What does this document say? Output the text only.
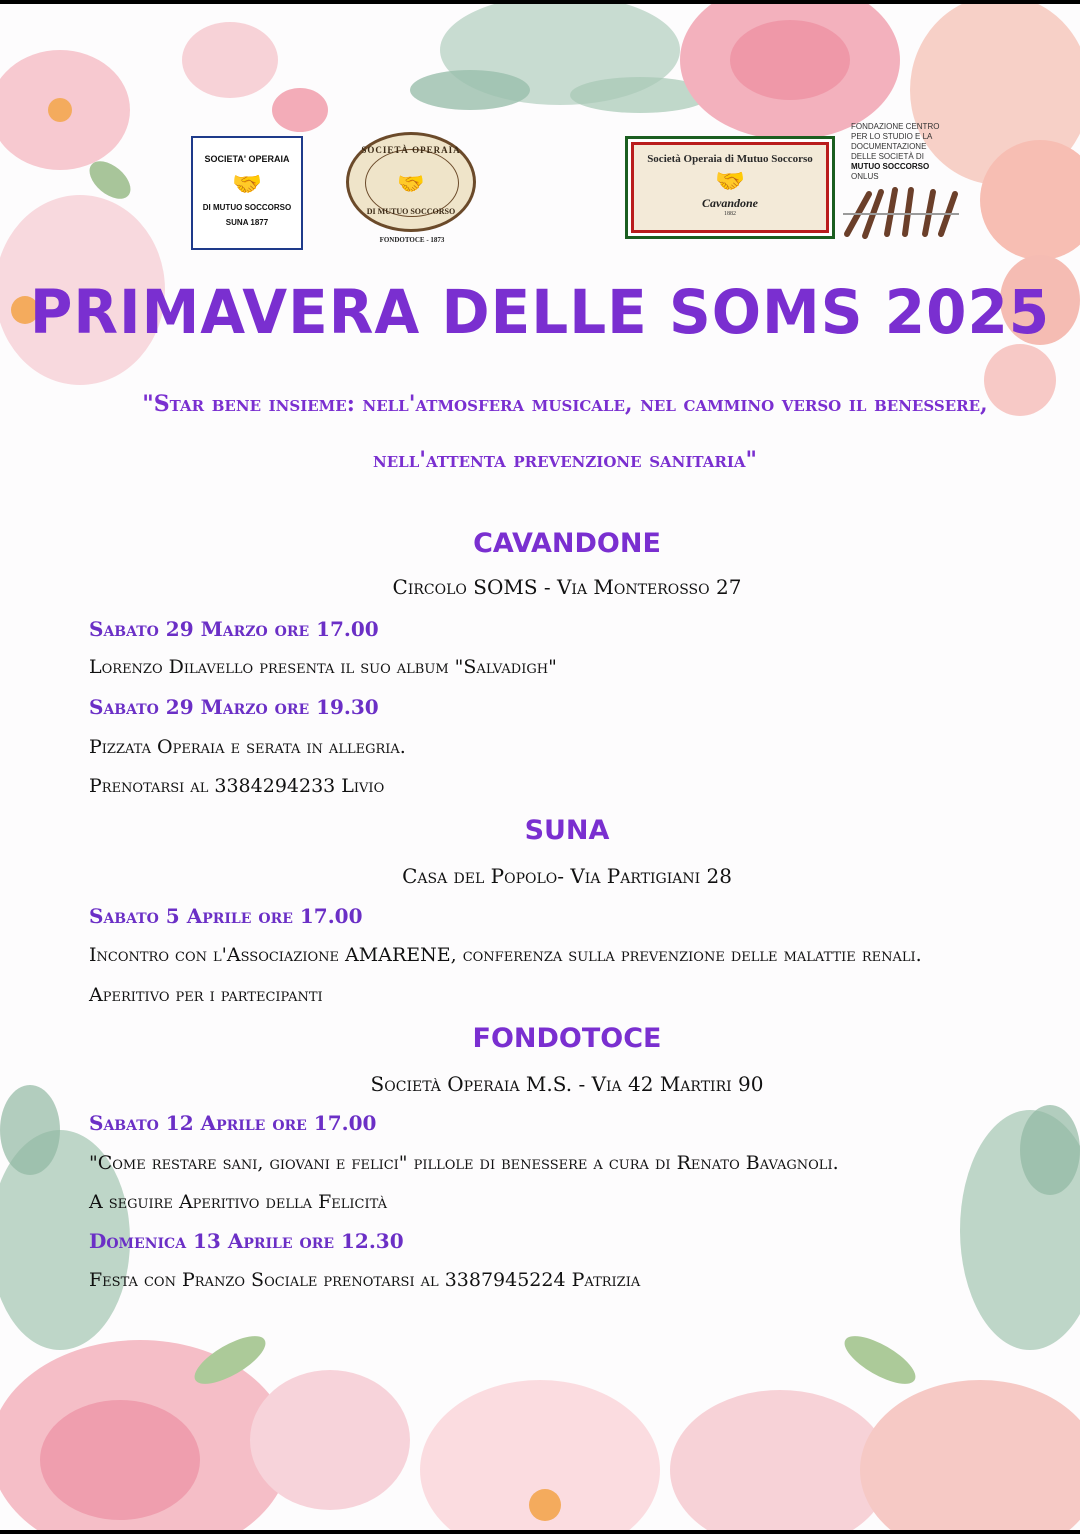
SOCIETA' OPERAIA
🤝
DI MUTUO SOCCORSO
SUNA 1877
SOCIETÀ OPERAIA
🤝
DI MUTUO SOCCORSO
FONDOTOCE - 1873
Società Operaia di Mutuo Soccorso
🤝
Cavandone
1882
FONDAZIONE CENTRO
PER LO STUDIO E LA
DOCUMENTAZIONE
DELLE SOCIETÀ DI
MUTUO SOCCORSO
ONLUS
PRIMAVERA DELLE SOMS 2025

"Star bene insieme: nell'atmosfera musicale, nel cammino verso il benessere, nell'attenta prevenzione sanitaria"

CAVANDONE
Circolo SOMS - Via Monterosso 27
Sabato 29 Marzo ore 17.00
Lorenzo Dilavello presenta il suo album "Salvadigh"
Sabato 29 Marzo ore 19.30
Pizzata Operaia e serata in allegria.
Prenotarsi al 3384294233 Livio
SUNA
Casa del Popolo- Via Partigiani 28
Sabato 5 Aprile ore 17.00
Incontro con l'Associazione AMARENE, conferenza sulla prevenzione delle malattie renali.
Aperitivo per i partecipanti
FONDOTOCE
Società Operaia M.S. - Via 42 Martiri 90
Sabato 12 Aprile ore 17.00
"Come restare sani, giovani e felici" pillole di benessere a cura di Renato Bavagnoli.
A seguire Aperitivo della Felicità
Domenica 13 Aprile ore 12.30
Festa con Pranzo Sociale prenotarsi al 3387945224 Patrizia
